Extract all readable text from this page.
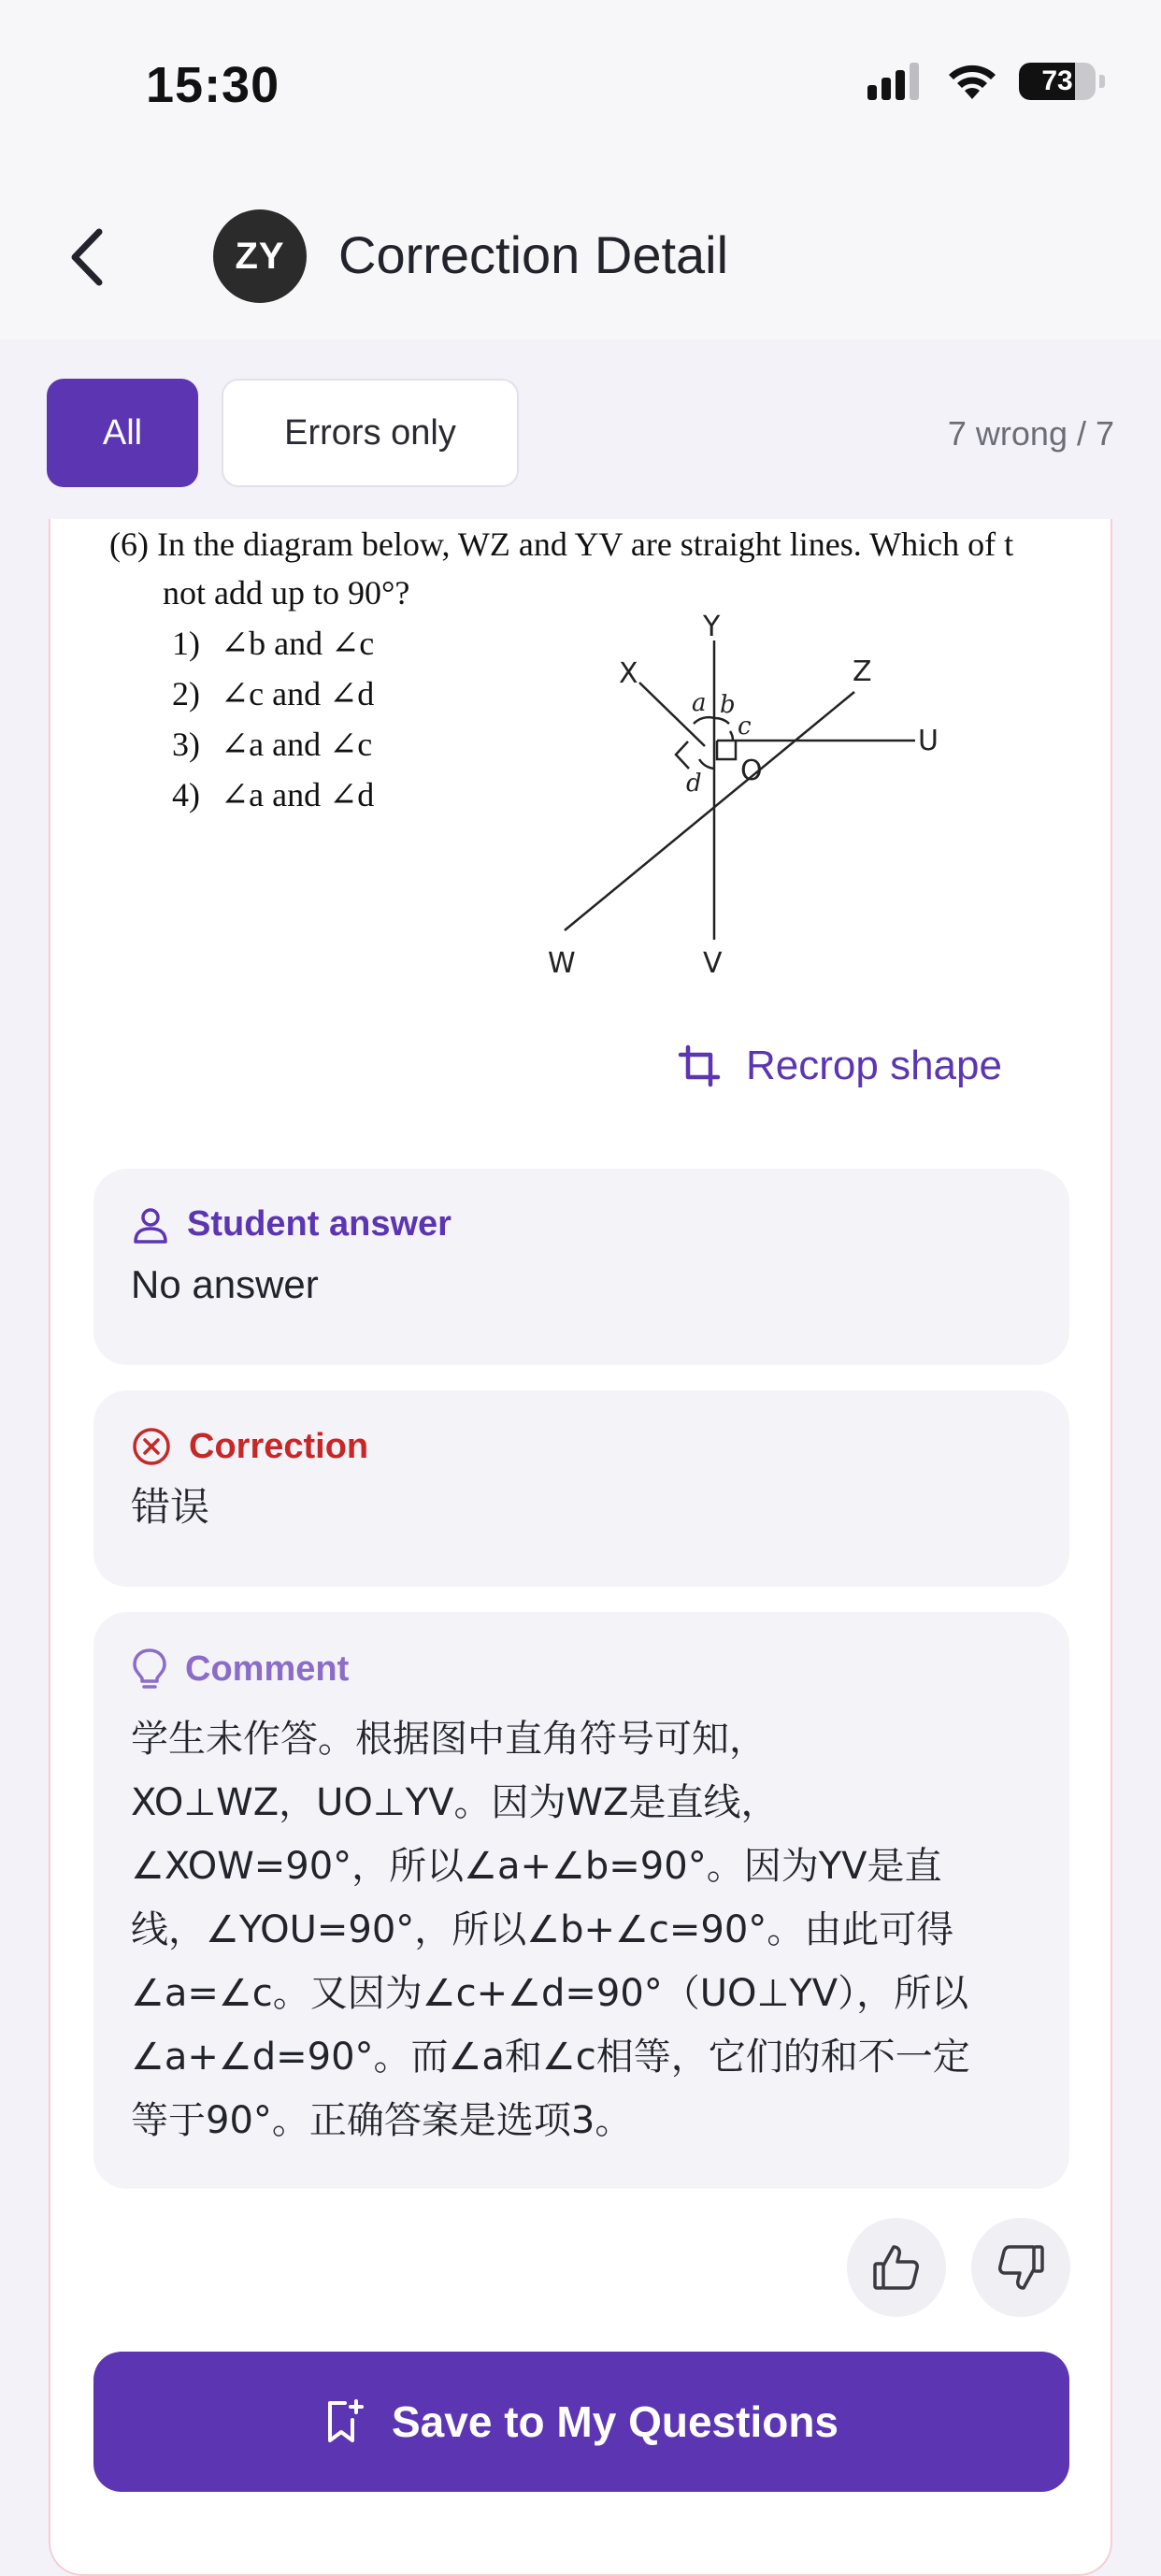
15:30	73
ZY Correction Detail
All	Errors only	7 wrong / 7
(6) In the diagram below, WZ and YV are straight lines. Which of t
not add up to 90°?
1) ∠b and ∠c
2) ∠c and ∠d
3) ∠a and ∠c
4) ∠a and ∠d
Y
X	Z
U
O
W	V
a b
c
d
Recrop shape
Student answer
No answer
Correction
错误
Comment
学生未作答。根据图中直角符号可知，
XO⊥WZ，UO⊥YV。因为WZ是直线，
∠XOW=90°，所以∠a+∠b=90°。因为YV是直
线，∠YOU=90°，所以∠b+∠c=90°。由此可得
∠a=∠c。又因为∠c+∠d=90°（UO⊥YV），所以
∠a+∠d=90°。而∠a和∠c相等，它们的和不一定
等于90°。正确答案是选项3。
Save to My Questions
